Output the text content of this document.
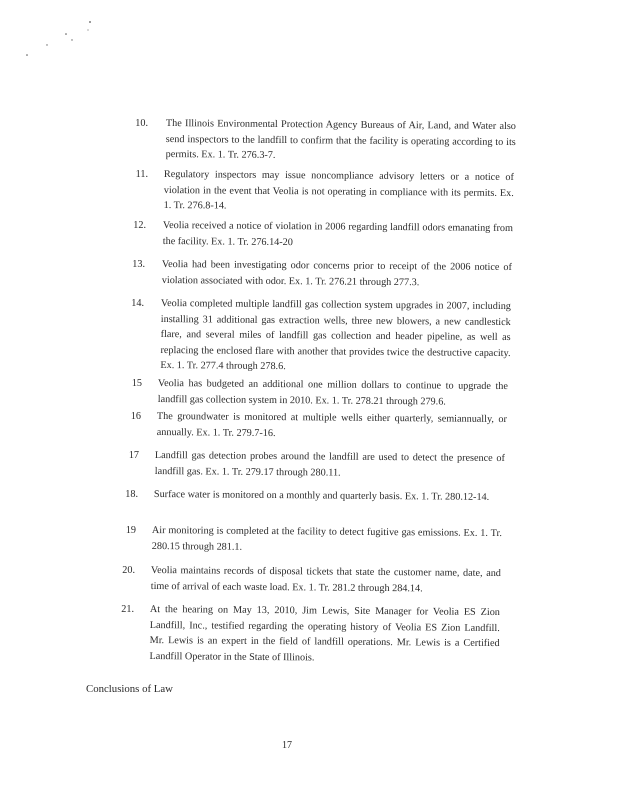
10. The Illinois Environmental Protection Agency Bureaus of Air, Land, and Water also send inspectors to the landfill to confirm that the facility is operating according to its permits. Ex. 1. Tr. 276.3-7.
11. Regulatory inspectors may issue noncompliance advisory letters or a notice of violation in the event that Veolia is not operating in compliance with its permits. Ex. 1. Tr. 276.8-14.
12. Veolia received a notice of violation in 2006 regarding landfill odors emanating from the facility. Ex. 1. Tr. 276.14-20
13. Veolia had been investigating odor concerns prior to receipt of the 2006 notice of violation associated with odor. Ex. 1. Tr. 276.21 through 277.3.
14. Veolia completed multiple landfill gas collection system upgrades in 2007, including installing 31 additional gas extraction wells, three new blowers, a new candlestick flare, and several miles of landfill gas collection and header pipeline, as well as replacing the enclosed flare with another that provides twice the destructive capacity. Ex. 1. Tr. 277.4 through 278.6.
15 Veolia has budgeted an additional one million dollars to continue to upgrade the landfill gas collection system in 2010. Ex. 1. Tr. 278.21 through 279.6.
16 The groundwater is monitored at multiple wells either quarterly, semiannually, or annually. Ex. 1. Tr. 279.7-16.
17 Landfill gas detection probes around the landfill are used to detect the presence of landfill gas. Ex. 1. Tr. 279.17 through 280.11.
18. Surface water is monitored on a monthly and quarterly basis. Ex. 1. Tr. 280.12-14.
19 Air monitoring is completed at the facility to detect fugitive gas emissions. Ex. 1. Tr. 280.15 through 281.1.
20. Veolia maintains records of disposal tickets that state the customer name, date, and time of arrival of each waste load. Ex. 1. Tr. 281.2 through 284.14.
21. At the hearing on May 13, 2010, Jim Lewis, Site Manager for Veolia ES Zion Landfill, Inc., testified regarding the operating history of Veolia ES Zion Landfill. Mr. Lewis is an expert in the field of landfill operations. Mr. Lewis is a Certified Landfill Operator in the State of Illinois.
Conclusions of Law
17
